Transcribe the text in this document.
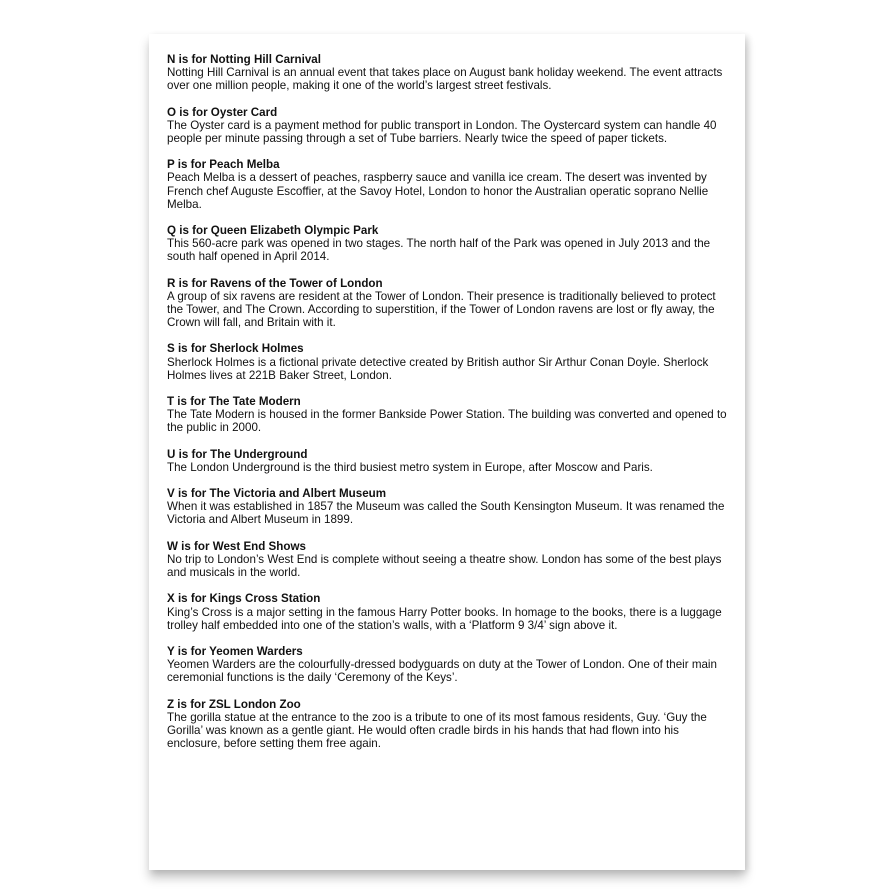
N is for Notting Hill Carnival
Notting Hill Carnival is an annual event that takes place on August bank holiday weekend. The event attracts over one million people, making it one of the world’s largest street festivals.
O is for Oyster Card
The Oyster card is a payment method for public transport in London. The Oystercard system can handle 40 people per minute passing through a set of Tube barriers. Nearly twice the speed of paper tickets.
P is for Peach Melba
Peach Melba is a dessert of peaches, raspberry sauce and vanilla ice cream. The desert was invented by French chef Auguste Escoffier, at the Savoy Hotel, London to honor the Australian operatic soprano Nellie Melba.
Q is for Queen Elizabeth Olympic Park
This 560-acre park was opened in two stages. The north half of the Park was opened in July 2013 and the south half opened in April 2014.
R is for Ravens of the Tower of London
A group of six ravens are resident at the Tower of London. Their presence is traditionally believed to protect the Tower, and The Crown. According to superstition, if the Tower of London ravens are lost or fly away, the Crown will fall, and Britain with it.
S is for Sherlock Holmes
Sherlock Holmes is a fictional private detective created by British author Sir Arthur Conan Doyle. Sherlock Holmes lives at 221B Baker Street, London.
T is for The Tate Modern
The Tate Modern is housed in the former Bankside Power Station. The building was converted and opened to the public in 2000.
U is for The Underground
The London Underground is the third busiest metro system in Europe, after Moscow and Paris.
V is for The Victoria and Albert Museum
When it was established in 1857 the Museum was called the South Kensington Museum. It was renamed the Victoria and Albert Museum in 1899.
W is for West End Shows
No trip to London’s West End is complete without seeing a theatre show. London has some of the best plays and musicals in the world.
X is for Kings Cross Station
King’s Cross is a major setting in the famous Harry Potter books. In homage to the books, there is a luggage trolley half embedded into one of the station’s walls, with a ‘Platform 9 3/4’ sign above it.
Y is for Yeomen Warders
Yeomen Warders are the colourfully-dressed bodyguards on duty at the Tower of London. One of their main ceremonial functions is the daily ‘Ceremony of the Keys’.
Z is for ZSL London Zoo
The gorilla statue at the entrance to the zoo is a tribute to one of its most famous residents, Guy. ‘Guy the Gorilla’ was known as a gentle giant. He would often cradle birds in his hands that had flown into his enclosure, before setting them free again.
